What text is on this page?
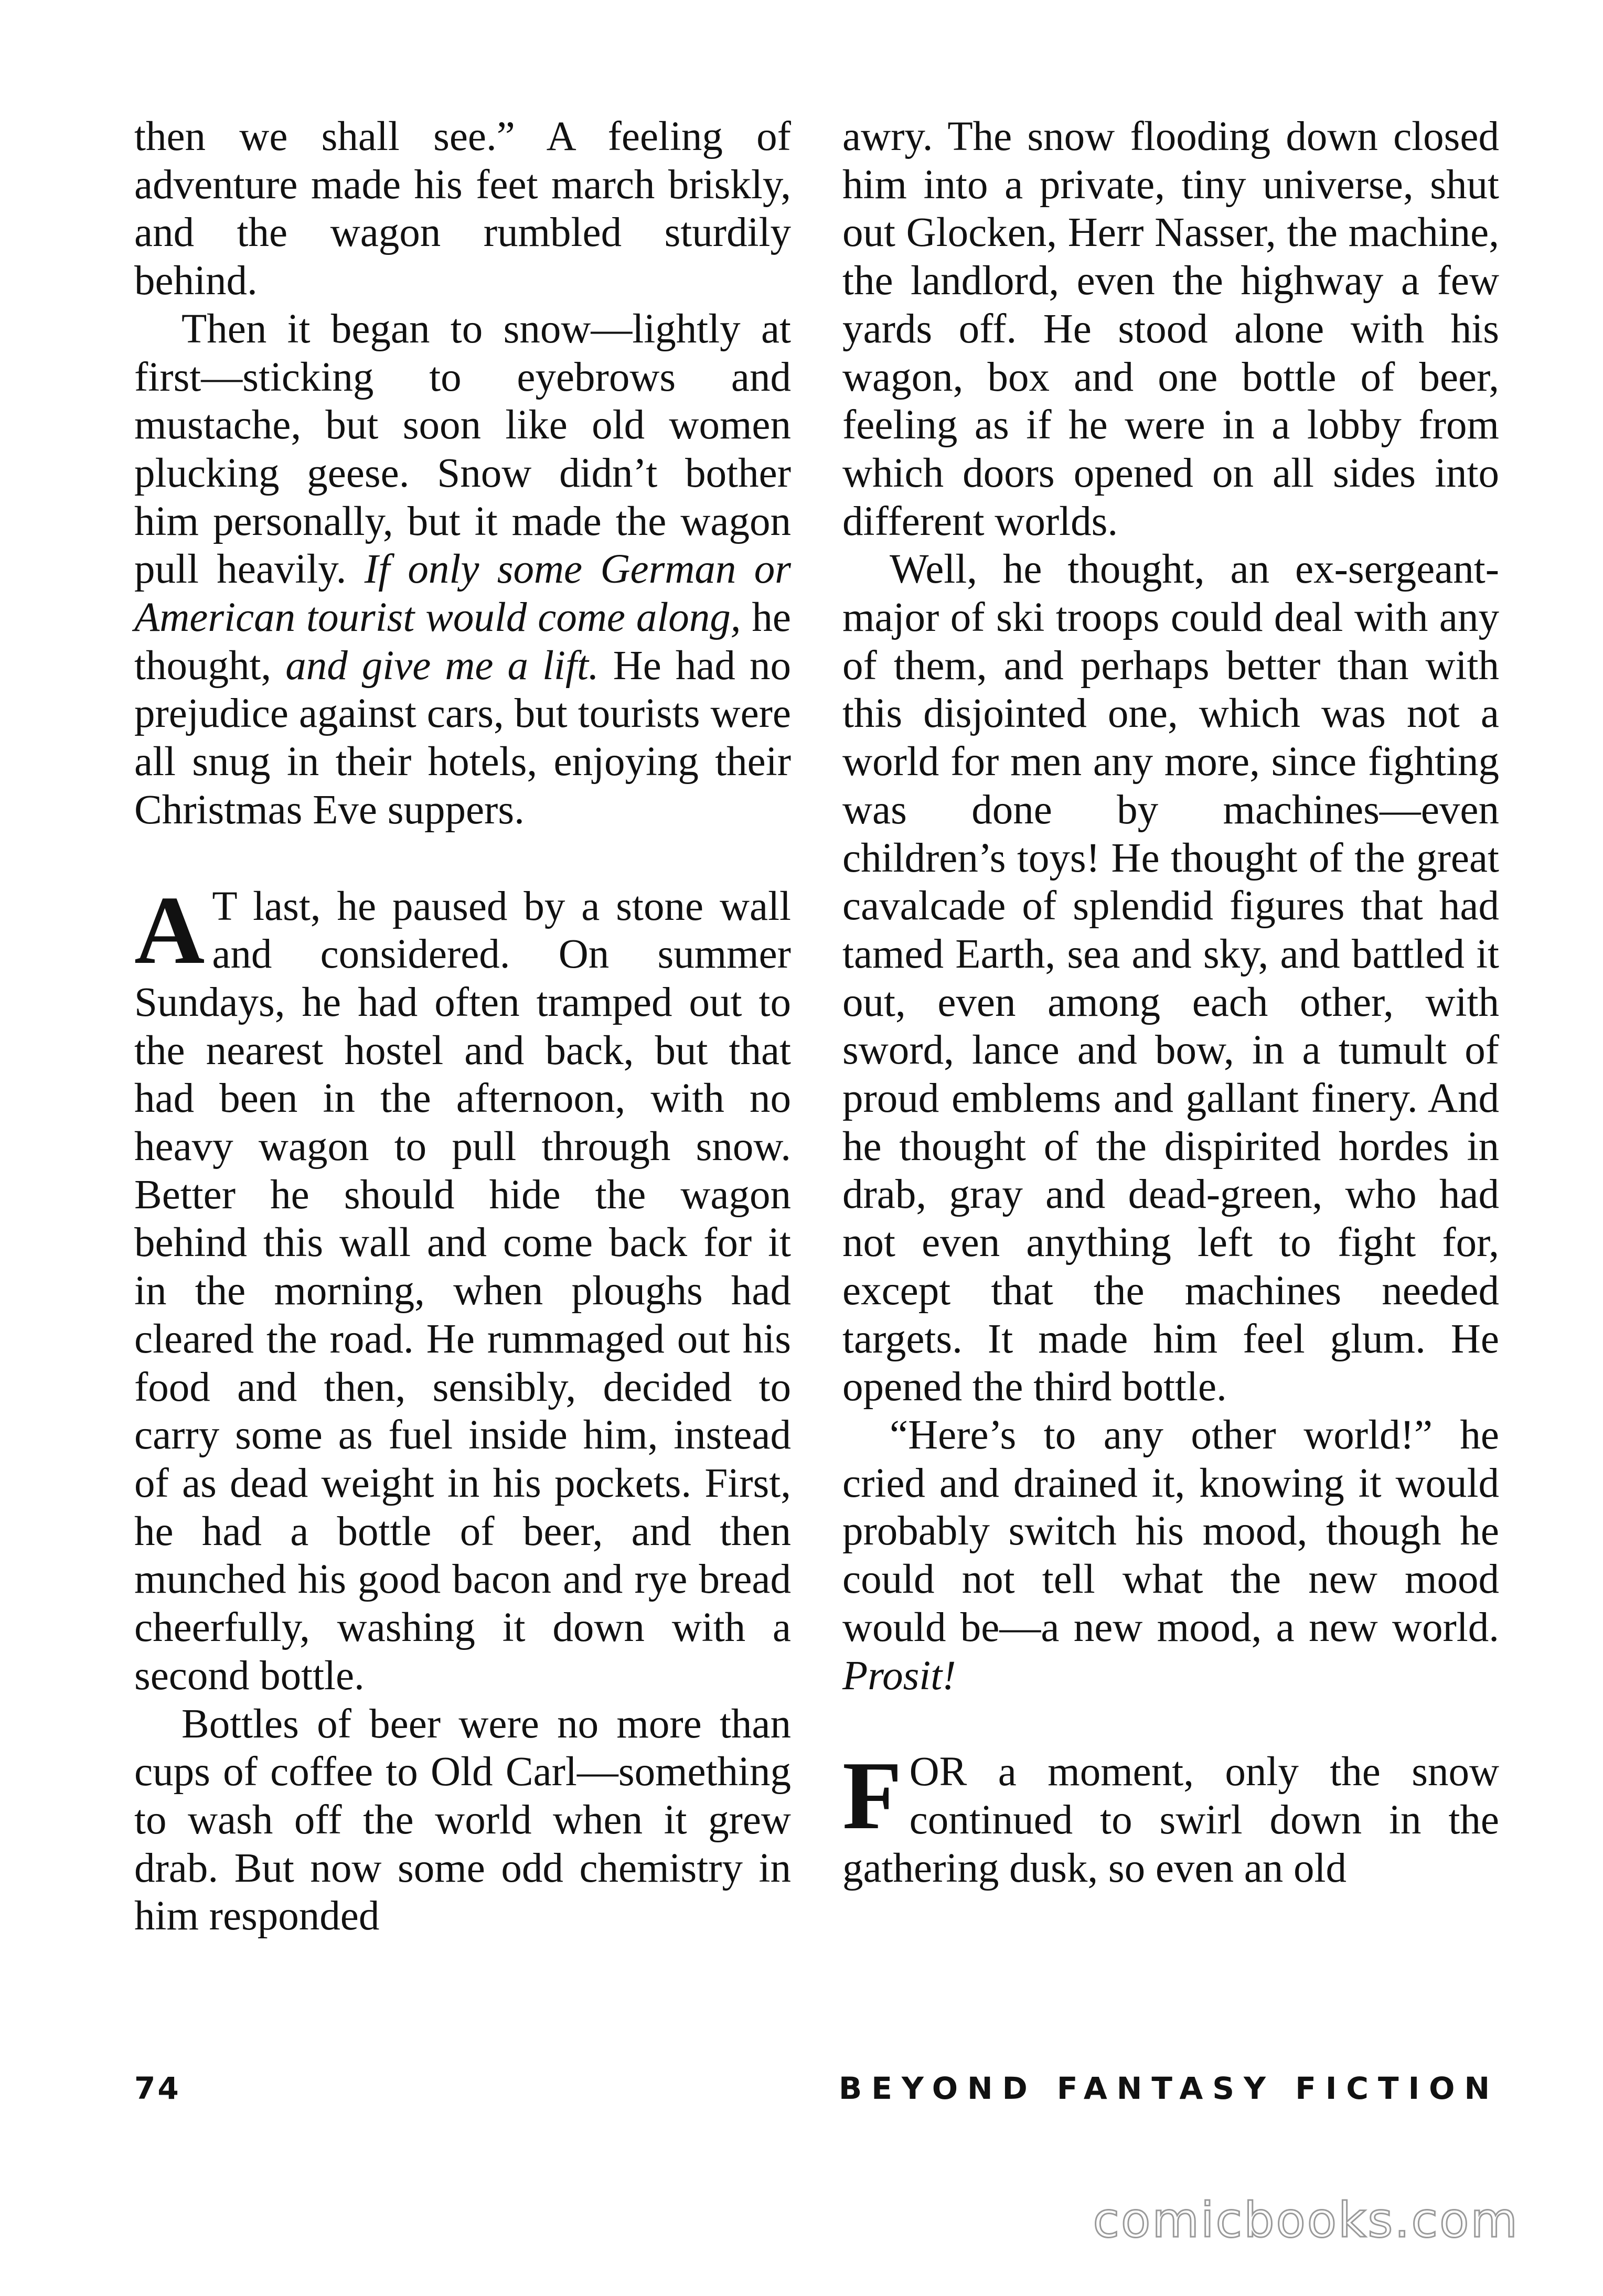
then we shall see.” A feeling of adventure made his feet march briskly, and the wagon rumbled sturdily behind.

Then it began to snow—lightly at first—sticking to eyebrows and mustache, but soon like old women plucking geese. Snow didn’t bother him personally, but it made the wagon pull heavily. If only some German or American tourist would come along, he thought, and give me a lift. He had no prejudice against cars, but tourists were all snug in their hotels, enjoying their Christmas Eve suppers.

A T last, he paused by a stone wall and considered. On summer Sundays, he had often tramped out to the nearest hostel and back, but that had been in the afternoon, with no heavy wagon to pull through snow. Better he should hide the wagon behind this wall and come back for it in the morning, when ploughs had cleared the road. He rummaged out his food and then, sensibly, decided to carry some as fuel inside him, instead of as dead weight in his pockets. First, he had a bottle of beer, and then munched his good bacon and rye bread cheerfully, washing it down with a second bottle.

Bottles of beer were no more than cups of coffee to Old Carl—something to wash off the world when it grew drab. But now some odd chemistry in him responded

awry. The snow flooding down closed him into a private, tiny universe, shut out Glocken, Herr Nasser, the machine, the landlord, even the highway a few yards off. He stood alone with his wagon, box and one bottle of beer, feeling as if he were in a lobby from which doors opened on all sides into different worlds.

Well, he thought, an ex-sergeant-major of ski troops could deal with any of them, and perhaps better than with this disjointed one, which was not a world for men any more, since fighting was done by machines—even children’s toys! He thought of the great cavalcade of splendid figures that had tamed Earth, sea and sky, and battled it out, even among each other, with sword, lance and bow, in a tumult of proud emblems and gallant finery. And he thought of the dispirited hordes in drab, gray and dead-green, who had not even anything left to fight for, except that the machines needed targets. It made him feel glum. He opened the third bottle.

“Here’s to any other world!” he cried and drained it, knowing it would probably switch his mood, though he could not tell what the new mood would be—a new mood, a new world. Prosit!

FOR a moment, only the snow continued to swirl down in the gathering dusk, so even an old

74	BEYOND FANTASY FICTION
comicbooks.com
